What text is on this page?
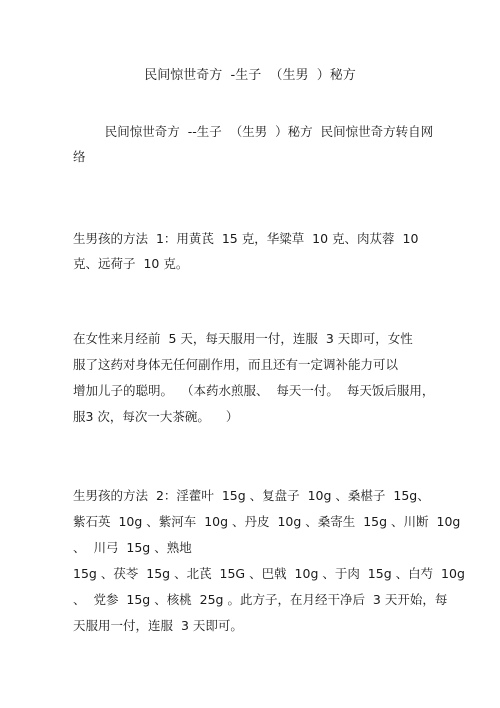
民间惊世奇方  -生子  （生男  ）秘方
民间惊世奇方  --生子  （生男  ）秘方  民间惊世奇方转自网
络
生男孩的方法  1：用黄芪  15 克，华粱草  10 克、肉苁蓉  10
克、远荷子  10 克。
在女性来月经前  5 天，每天服用一付，连服  3 天即可，女性
服了这药对身体无任何副作用，而且还有一定调补能力可以
增加儿子的聪明。  （本药水煎服、  每天一付。  每天饭后服用，
服3 次，每次一大茶碗。    ）
生男孩的方法  2：淫藿叶  15g 、复盘子  10g 、桑椹子  15g、
紫石英  10g 、紫河车  10g 、丹皮  10g 、桑寄生  15g 、川断  10g
、  川弓  15g 、熟地
15g 、茯苓  15g 、北芪  15G 、巴戟  10g 、于肉  15g 、白芍  10g
、  党参  15g 、核桃  25g 。此方子，在月经干净后  3 天开始，每
天服用一付，连服  3 天即可。
